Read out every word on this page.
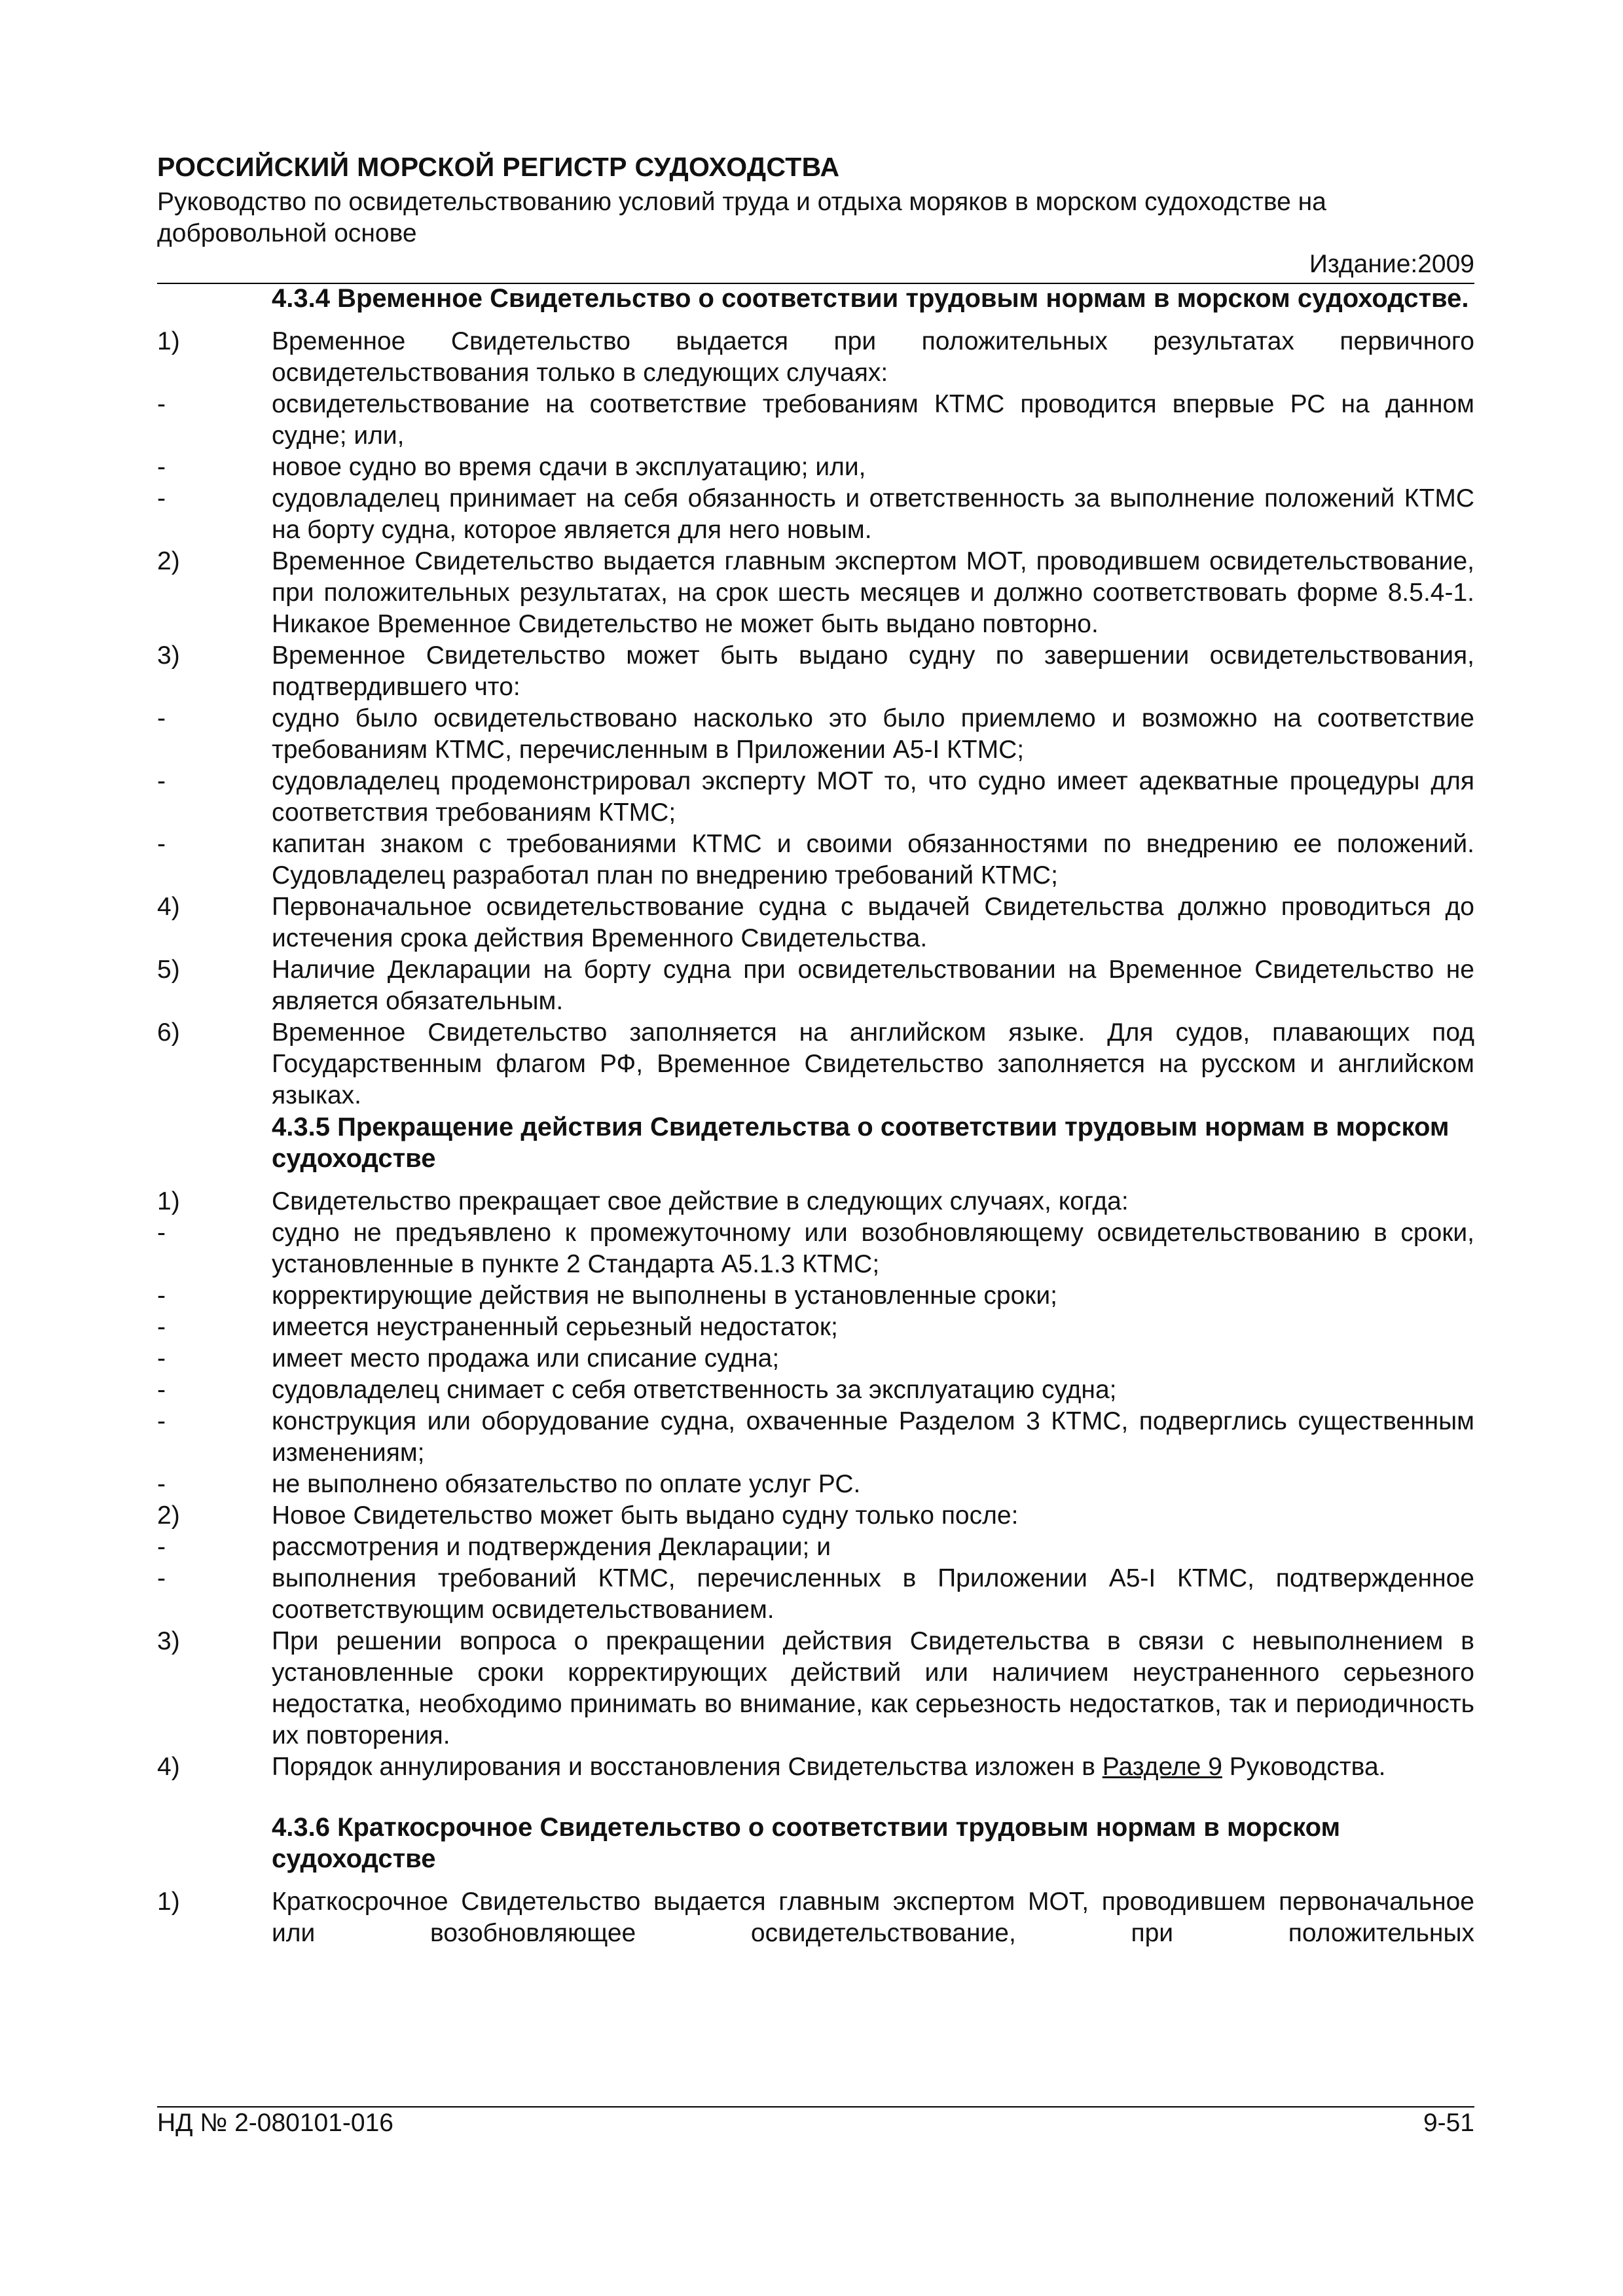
РОССИЙСКИЙ МОРСКОЙ РЕГИСТР СУДОХОДСТВА
Руководство по освидетельствованию условий труда и отдыха моряков в морском судоходстве на добровольной основе
Издание:2009
4.3.4 Временное Свидетельство о соответствии трудовым нормам в морском судоходстве.
1)	Временное Свидетельство выдается при положительных результатах первичного освидетельствования только в следующих случаях:
-	освидетельствование на соответствие требованиям КТМС проводится впервые РС на данном судне; или,
-	новое судно во время сдачи в эксплуатацию; или,
-	судовладелец принимает на себя обязанность и ответственность за выполнение положений КТМС на борту судна, которое является для него новым.
2)	Временное Свидетельство выдается главным экспертом МОТ, проводившем освидетельствование, при положительных результатах, на срок шесть месяцев и должно соответствовать форме 8.5.4-1. Никакое Временное Свидетельство не может быть выдано повторно.
3)	Временное Свидетельство может быть выдано судну по завершении освидетельствования, подтвердившего что:
-	судно было освидетельствовано насколько это было приемлемо и возможно на соответствие требованиям КТМС, перечисленным в Приложении А5-I КТМС;
-	судовладелец продемонстрировал эксперту МОТ то, что судно имеет адекватные процедуры для соответствия требованиям КТМС;
-	капитан знаком с требованиями КТМС и своими обязанностями по внедрению ее положений. Судовладелец разработал план по внедрению требований КТМС;
4)	Первоначальное освидетельствование судна с выдачей Свидетельства должно проводиться до истечения срока действия Временного Свидетельства.
5)	Наличие Декларации на борту судна при освидетельствовании на Временное Свидетельство не является обязательным.
6)	Временное Свидетельство заполняется на английском языке. Для судов, плавающих под Государственным флагом РФ, Временное Свидетельство заполняется на русском и английском языках.
4.3.5 Прекращение действия Свидетельства о соответствии трудовым нормам в морском судоходстве
1)	Свидетельство прекращает свое действие в следующих случаях, когда:
-	судно не предъявлено к промежуточному или возобновляющему освидетельствованию в сроки, установленные в пункте 2 Стандарта А5.1.3 КТМС;
-	корректирующие действия не выполнены в установленные сроки;
-	имеется неустраненный серьезный недостаток;
-	имеет место продажа или списание судна;
-	судовладелец снимает с себя ответственность за эксплуатацию судна;
-	конструкция или оборудование судна, охваченные Разделом 3 КТМС, подверглись существенным изменениям;
-	не выполнено обязательство по оплате услуг РС.
2)	Новое Свидетельство может быть выдано судну только после:
-	рассмотрения и подтверждения Декларации; и
-	выполнения требований КТМС, перечисленных в Приложении А5-I КТМС, подтвержденное соответствующим освидетельствованием.
3)	При решении вопроса о прекращении действия Свидетельства в связи с невыполнением в установленные сроки корректирующих действий или наличием неустраненного серьезного недостатка, необходимо принимать во внимание, как серьезность недостатков, так и периодичность их повторения.
4)	Порядок аннулирования и восстановления Свидетельства изложен в Разделе 9 Руководства.
4.3.6 Краткосрочное Свидетельство о соответствии трудовым нормам в морском судоходстве
1)	Краткосрочное Свидетельство выдается главным экспертом МОТ, проводившем первоначальное или возобновляющее освидетельствование, при положительных
НД № 2-080101-016	9-51
